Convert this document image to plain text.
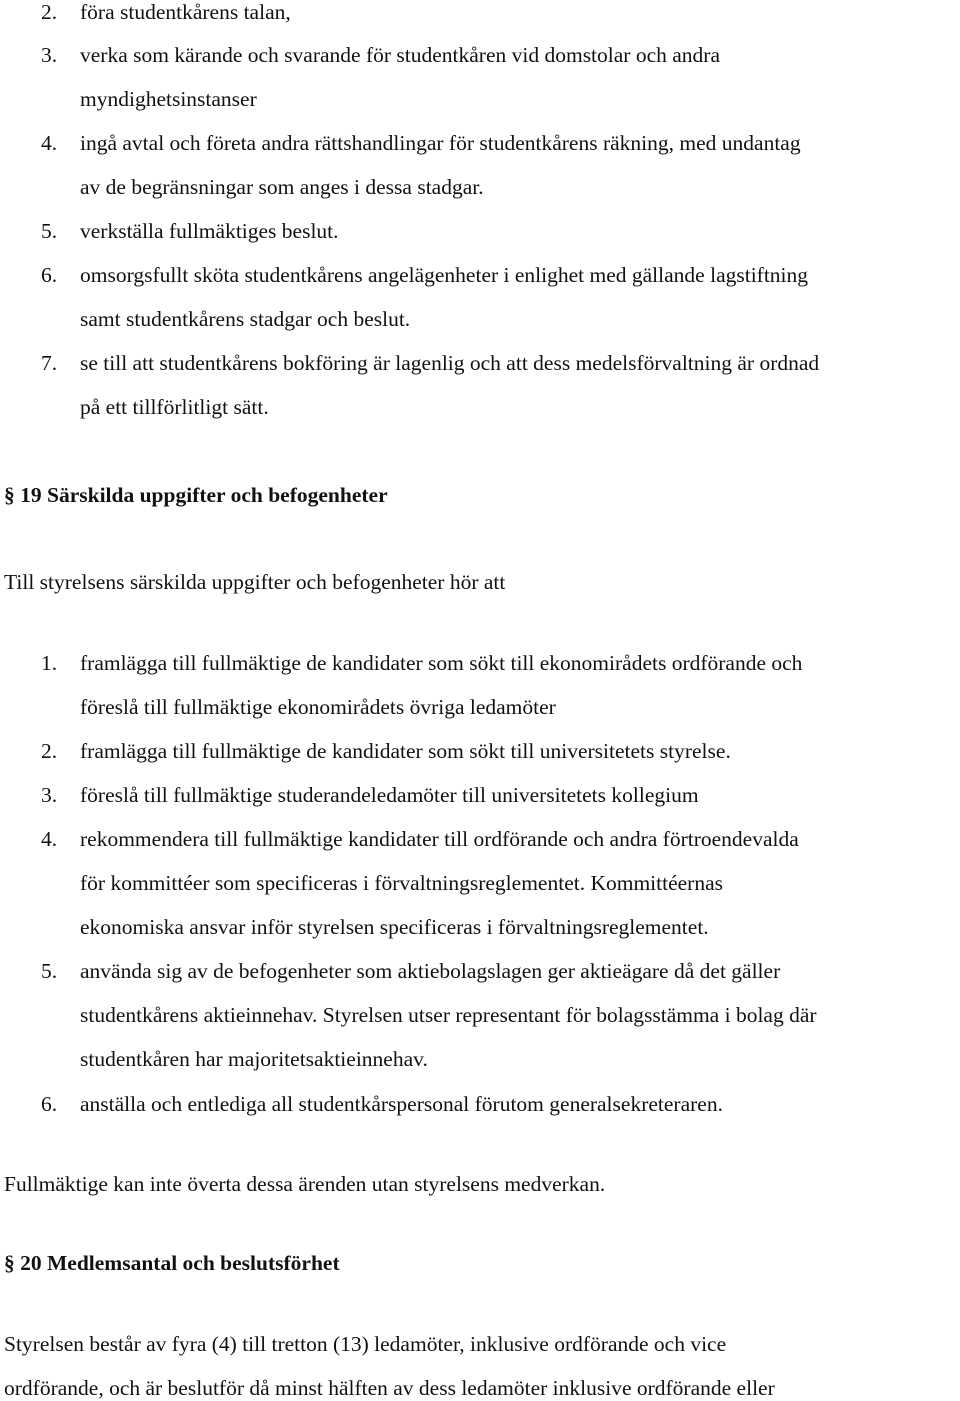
2. föra studentkårens talan,
3. verka som kärande och svarande för studentkåren vid domstolar och andra
myndighetsinstanser
4. ingå avtal och företa andra rättshandlingar för studentkårens räkning, med undantag
av de begränsningar som anges i dessa stadgar.
5. verkställa fullmäktiges beslut.
6. omsorgsfullt sköta studentkårens angelägenheter i enlighet med gällande lagstiftning
samt studentkårens stadgar och beslut.
7. se till att studentkårens bokföring är lagenlig och att dess medelsförvaltning är ordnad
på ett tillförlitligt sätt.
§ 19 Särskilda uppgifter och befogenheter
Till styrelsens särskilda uppgifter och befogenheter hör att
1. framlägga till fullmäktige de kandidater som sökt till ekonomirådets ordförande och
föreslå till fullmäktige ekonomirådets övriga ledamöter
2. framlägga till fullmäktige de kandidater som sökt till universitetets styrelse.
3. föreslå till fullmäktige studerandeledamöter till universitetets kollegium
4. rekommendera till fullmäktige kandidater till ordförande och andra förtroendevalda
för kommittéer som specificeras i förvaltningsreglementet. Kommittéernas
ekonomiska ansvar inför styrelsen specificeras i förvaltningsreglementet.
5. använda sig av de befogenheter som aktiebolagslagen ger aktieägare då det gäller
studentkårens aktieinnehav. Styrelsen utser representant för bolagsstämma i bolag där
studentkåren har majoritetsaktieinnehav.
6. anställa och entlediga all studentkårspersonal förutom generalsekreteraren.
Fullmäktige kan inte överta dessa ärenden utan styrelsens medverkan.
§ 20 Medlemsantal och beslutsförhet
Styrelsen består av fyra (4) till tretton (13) ledamöter, inklusive ordförande och vice
ordförande, och är beslutför då minst hälften av dess ledamöter inklusive ordförande eller
